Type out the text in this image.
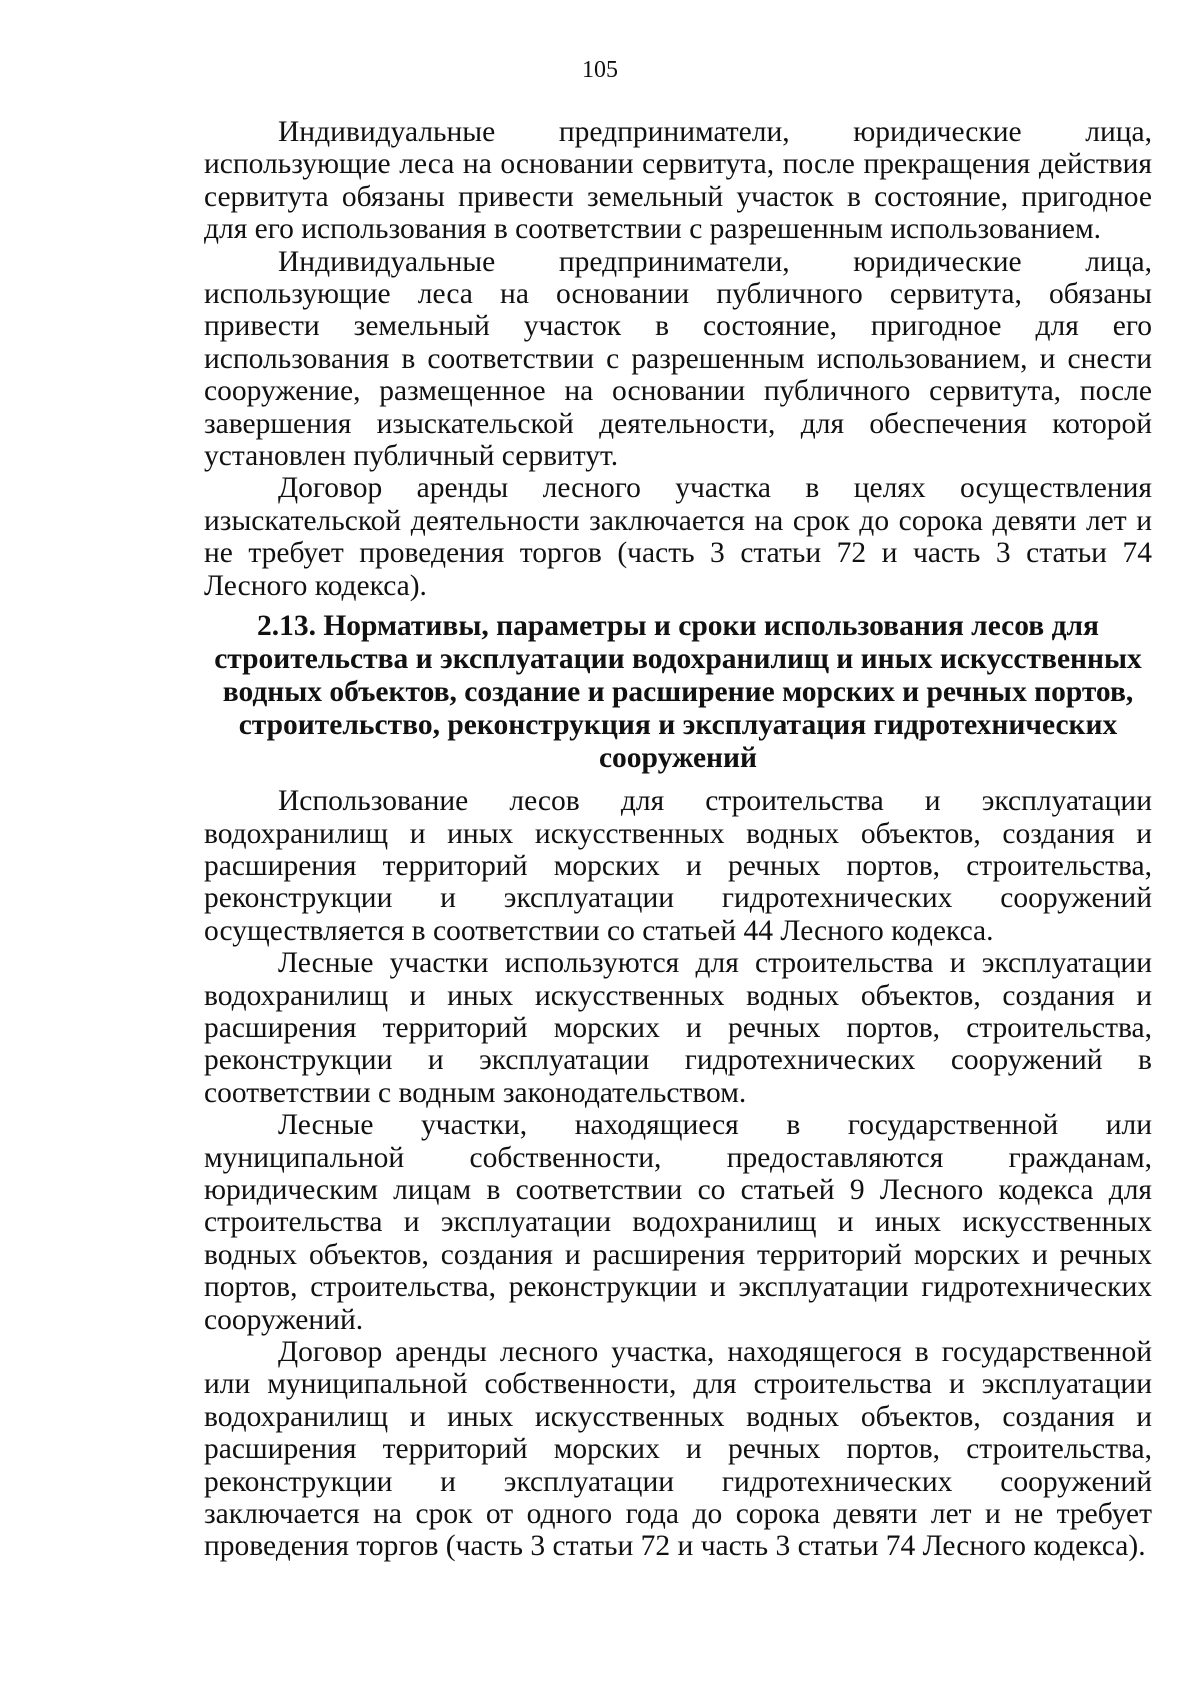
105

Индивидуальные предприниматели, юридические лица, использующие леса на основании сервитута, после прекращения действия сервитута обязаны привести земельный участок в состояние, пригодное для его использования в соответствии с разрешенным использованием.

Индивидуальные предприниматели, юридические лица, использующие леса на основании публичного сервитута, обязаны привести земельный участок в состояние, пригодное для его использования в соответствии с разрешенным использованием, и снести сооружение, размещенное на основании публичного сервитута, после завершения изыскательской деятельности, для обеспечения которой установлен публичный сервитут.

Договор аренды лесного участка в целях осуществления изыскательской деятельности заключается на срок до сорока девяти лет и не требует проведения торгов (часть 3 статьи 72 и часть 3 статьи 74 Лесного кодекса).

2.13. Нормативы, параметры и сроки использования лесов для строительства и эксплуатации водохранилищ и иных искусственных водных объектов, создание и расширение морских и речных портов, строительство, реконструкция и эксплуатация гидротехнических сооружений

Использование лесов для строительства и эксплуатации водохранилищ и иных искусственных водных объектов, создания и расширения территорий морских и речных портов, строительства, реконструкции и эксплуатации гидротехнических сооружений осуществляется в соответствии со статьей 44 Лесного кодекса.

Лесные участки используются для строительства и эксплуатации водохранилищ и иных искусственных водных объектов, создания и расширения территорий морских и речных портов, строительства, реконструкции и эксплуатации гидротехнических сооружений в соответствии с водным законодательством.

Лесные участки, находящиеся в государственной или муниципальной собственности, предоставляются гражданам, юридическим лицам в соответствии со статьей 9 Лесного кодекса для строительства и эксплуатации водохранилищ и иных искусственных водных объектов, создания и расширения территорий морских и речных портов, строительства, реконструкции и эксплуатации гидротехнических сооружений.

Договор аренды лесного участка, находящегося в государственной или муниципальной собственности, для строительства и эксплуатации водохранилищ и иных искусственных водных объектов, создания и расширения территорий морских и речных портов, строительства, реконструкции и эксплуатации гидротехнических сооружений заключается на срок от одного года до сорока девяти лет и не требует проведения торгов (часть 3 статьи 72 и часть 3 статьи 74 Лесного кодекса).
